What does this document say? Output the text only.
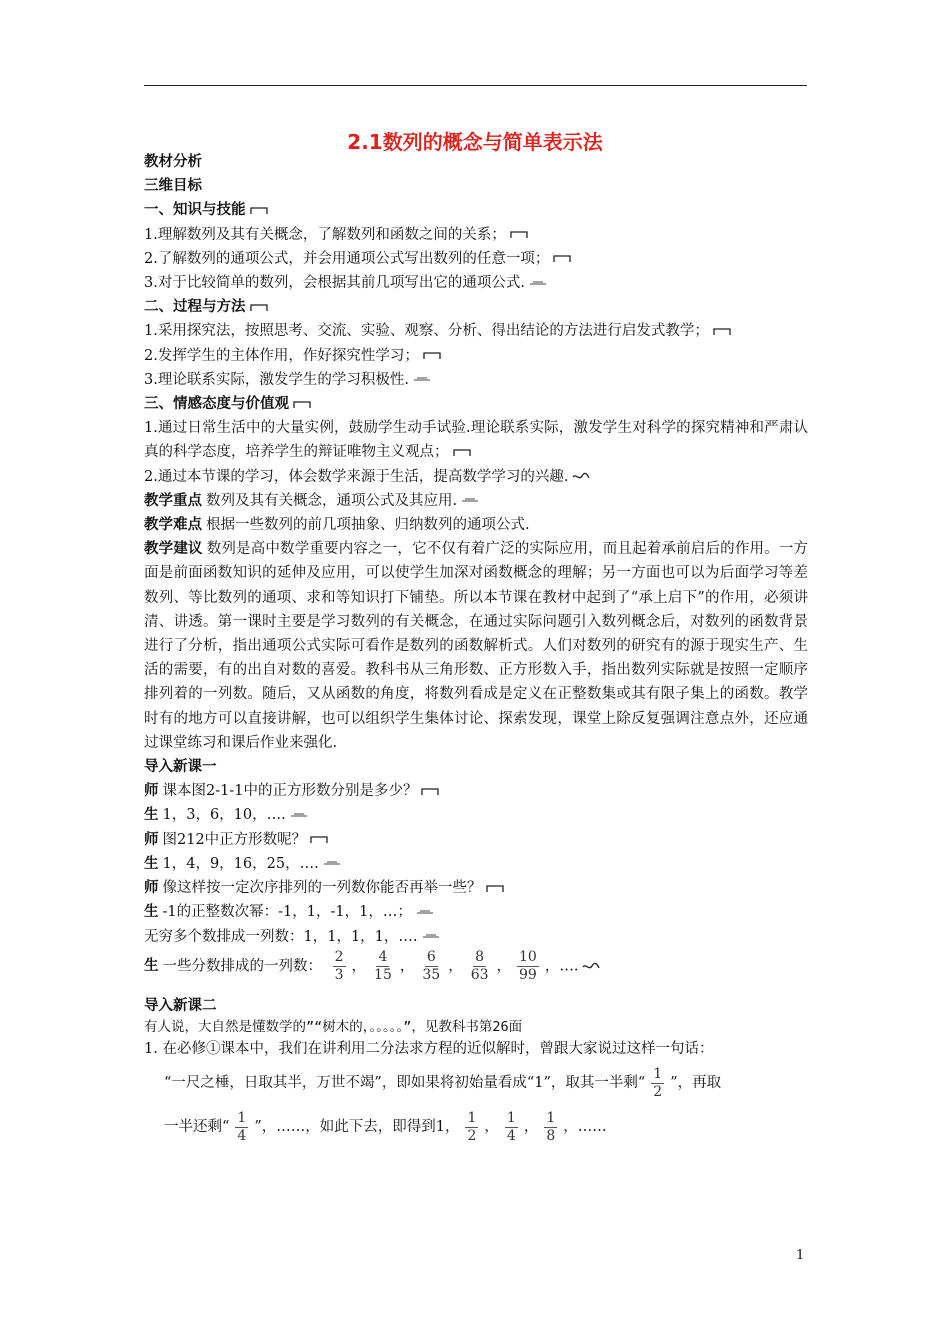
2.1数列的概念与简单表示法

教材分析

三维目标

一、知识与技能

1.理解数列及其有关概念，了解数列和函数之间的关系；

2.了解数列的通项公式，并会用通项公式写出数列的任意一项；

3.对于比较简单的数列，会根据其前几项写出它的通项公式.

二、过程与方法

1.采用探究法，按照思考、交流、实验、观察、分析、得出结论的方法进行启发式教学；

2.发挥学生的主体作用，作好探究性学习；

3.理论联系实际，激发学生的学习积极性.

三、情感态度与价值观

1.通过日常生活中的大量实例，鼓励学生动手试验.理论联系实际，激发学生对科学的探究精神和严肃认真的科学态度，培养学生的辩证唯物主义观点；

2.通过本节课的学习，体会数学来源于生活，提高数学学习的兴趣.

教学重点 数列及其有关概念，通项公式及其应用.

教学难点 根据一些数列的前几项抽象、归纳数列的通项公式.

教学建议 数列是高中数学重要内容之一，它不仅有着广泛的实际应用，而且起着承前启后的作用。一方面是前面函数知识的延伸及应用，可以使学生加深对函数概念的理解；另一方面也可以为后面学习等差数列、等比数列的通项、求和等知识打下铺垫。所以本节课在教材中起到了“承上启下”的作用，必须讲清、讲透。第一课时主要是学习数列的有关概念，在通过实际问题引入数列概念后，对数列的函数背景进行了分析，指出通项公式实际可看作是数列的函数解析式。人们对数列的研究有的源于现实生产、生活的需要，有的出自对数的喜爱。教科书从三角形数、正方形数入手，指出数列实际就是按照一定顺序排列着的一列数。随后，又从函数的角度，将数列看成是定义在正整数集或其有限子集上的函数。教学时有的地方可以直接讲解，也可以组织学生集体讨论、探索发现，课堂上除反复强调注意点外，还应通过课堂练习和课后作业来强化.

导入新课一

师 课本图2-1-1中的正方形数分别是多少？

生 1，3，6，10，….

师 图212中正方形数呢？

生 1，4，9，16，25，….

师 像这样按一定次序排列的一列数你能否再举一些？

生 -1的正整数次幂：-1，1，-1，1，…；

无穷多个数排成一列数：1，1，1，1，….

生 一些分数排成的一列数： $\frac{2}{3}$ ， $\frac{4}{15}$ ， $\frac{6}{35}$ ， $\frac{8}{63}$ ， $\frac{10}{99}$ ，….

导入新课二

有人说，大自然是懂数学的”“树木的，。。。。。”，见教科书第26面

1. 在必修①课本中，我们在讲利用二分法求方程的近似解时，曾跟大家说过这样一句话：

“一尺之棰，日取其半，万世不竭”，即如果将初始量看成“1”，取其一半剩“ $\frac{1}{2}$ ”，再取

一半还剩“ $\frac{1}{4}$ ”，……，如此下去，即得到1， $\frac{1}{2}$ ， $\frac{1}{4}$ ， $\frac{1}{8}$ ，……

1
